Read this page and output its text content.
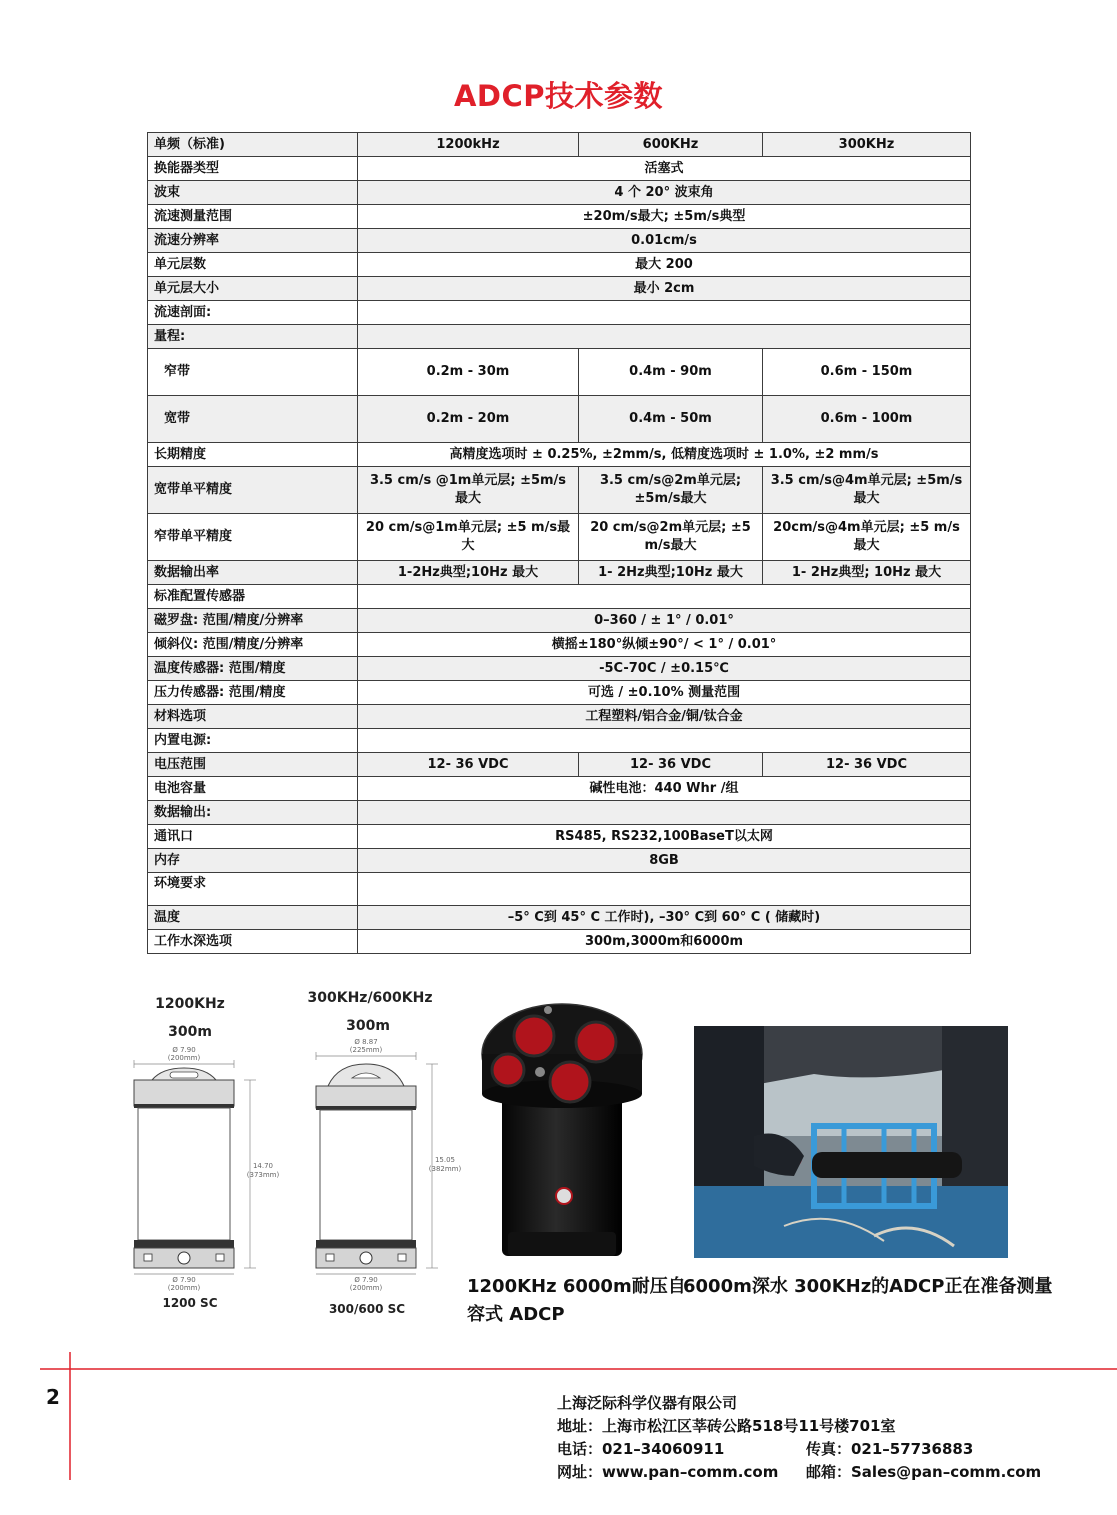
ADCP技术参数
单频（标准)	1200kHz	600KHz	300KHz
换能器类型	活塞式		
波束	4 个 20° 波束角		
流速测量范围	±20m/s最大; ±5m/s典型		
流速分辨率	0.01cm/s		
单元层数	最大 200		
单元层大小	最小 2cm		
流速剖面:			
量程:			
窄带	0.2m - 30m	0.4m - 90m	0.6m - 150m
宽带	0.2m - 20m	0.4m - 50m	0.6m - 100m
长期精度	高精度选项时 ± 0.25%, ±2mm/s, 低精度选项时 ± 1.0%, ±2 mm/s		
宽带单平精度	3.5 cm/s @1m单元层; ±5m/s最大	3.5 cm/s@2m单元层; ±5m/s最大	3.5 cm/s@4m单元层; ±5m/s最大
窄带单平精度	20 cm/s@1m单元层; ±5 m/s最大	20 cm/s@2m单元层; ±5 m/s最大	20cm/s@4m单元层; ±5 m/s最大
数据输出率	1-2Hz典型;10Hz 最大	1- 2Hz典型;10Hz 最大	1- 2Hz典型; 10Hz 最大
标准配置传感器			
磁罗盘: 范围/精度/分辨率	0–360 / ± 1° / 0.01°		
倾斜仪: 范围/精度/分辨率	横摇±180°纵倾±90°/ < 1° / 0.01°		
温度传感器: 范围/精度	-5C-70C / ±0.15℃		
压力传感器: 范围/精度	可选 / ±0.10% 测量范围		
材料选项	工程塑料/铝合金/铜/钛合金		
内置电源:			
电压范围	12- 36 VDC	12- 36 VDC	12- 36 VDC
电池容量	碱性电池：440 Whr /组		
数据输出:			
通讯口	RS485, RS232,100BaseT以太网		
内存	8GB		
环境要求			
温度	–5° C到 45° C 工作时), –30° C到 60° C ( 储藏时)		
工作水深选项	300m,3000m和6000m		
1200KHz
300m
Ø 7.90
(200mm)
14.70
(373mm)
Ø 7.90
(200mm)
1200 SC
300KHz/600KHz
300m
Ø 8.87
(225mm)
15.05
(382mm)
Ø 7.90
(200mm)
300/600 SC
1200KHz 6000m耐压自
容式 ADCP
6000m深水 300KHz的ADCP正在准备测量
2	上海泛际科学仪器有限公司
地址：上海市松江区莘砖公路518号11号楼701室
电话：021–34060911	传真：021–57736883
网址：www.pan–comm.com 邮箱：Sales@pan–comm.com
